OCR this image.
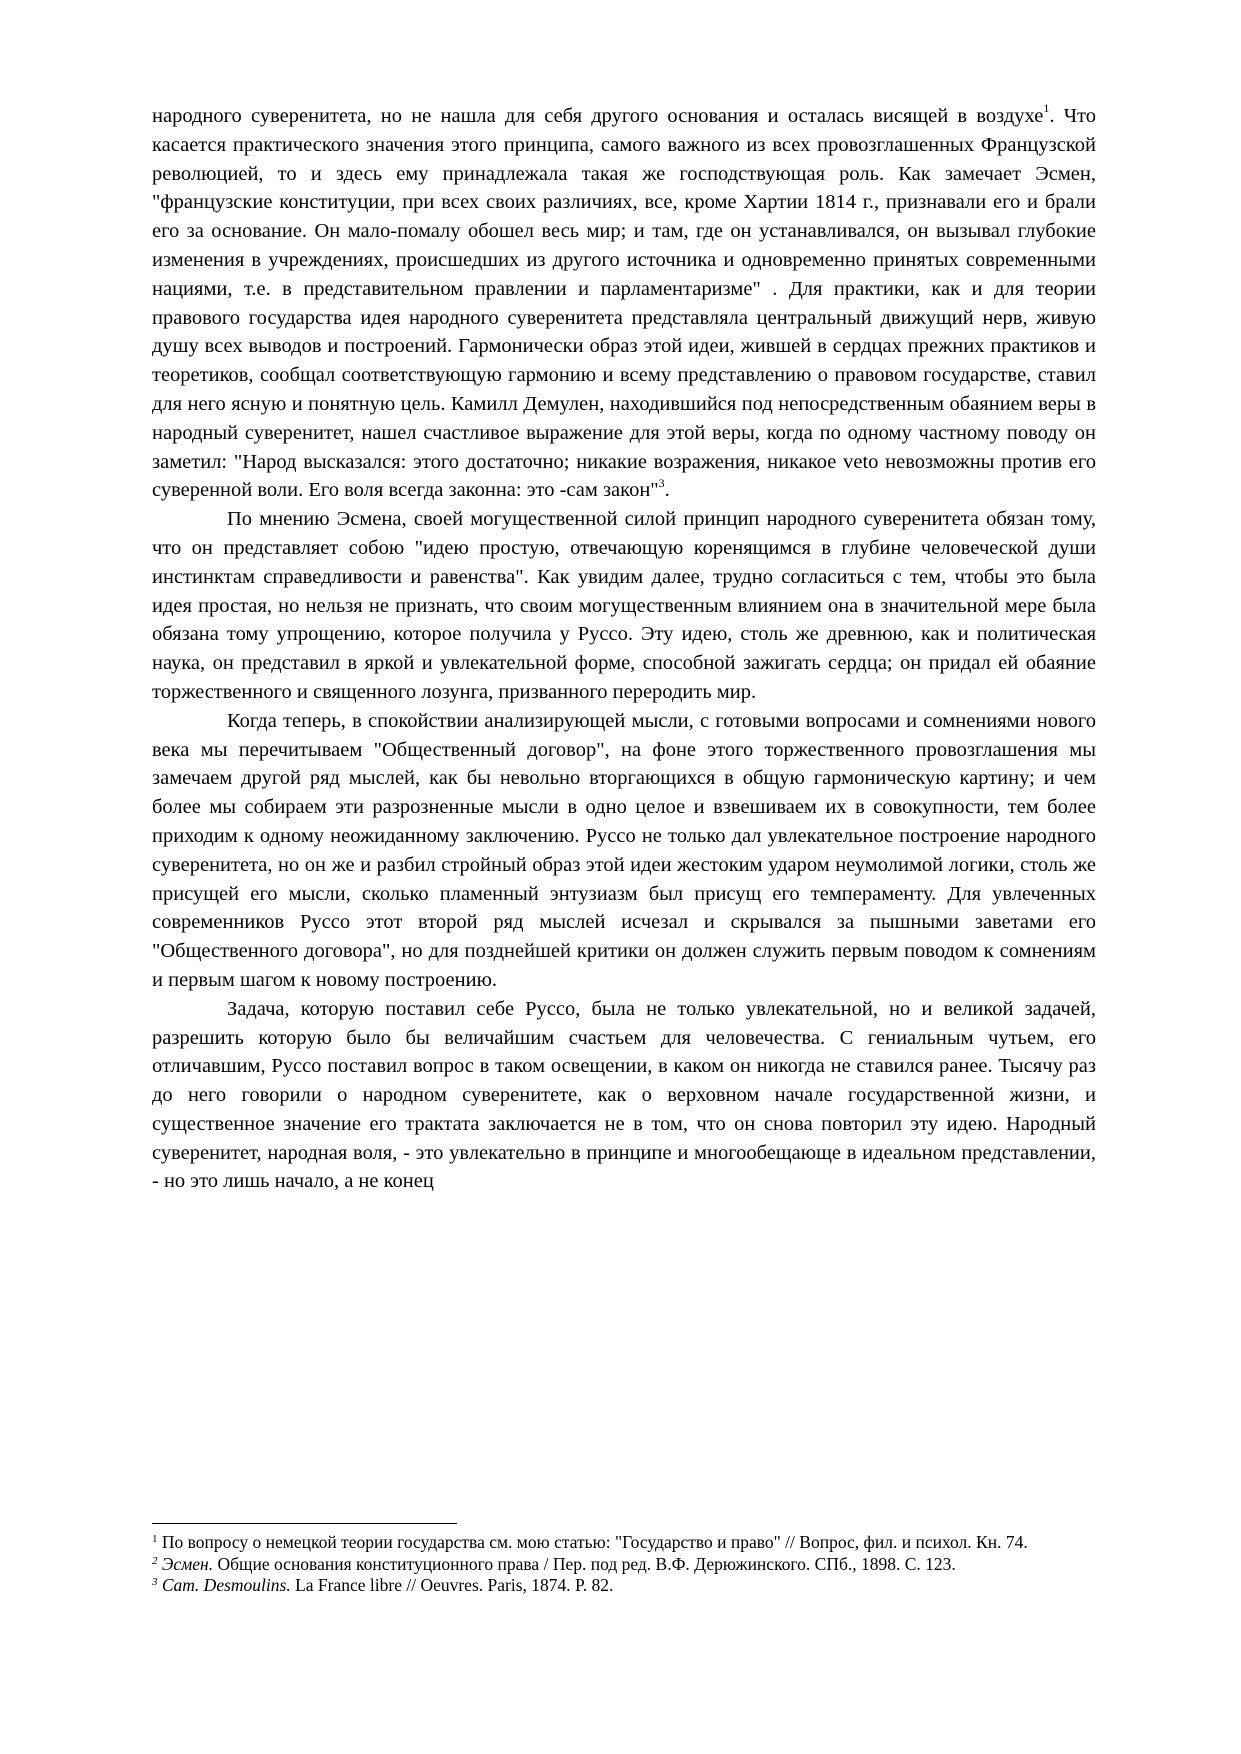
народного суверенитета, но не нашла для себя другого основания и осталась висящей в воздухе$^1$. Что касается практического значения этого принципа, самого важного из всех провозглашенных Французской революцией, то и здесь ему принадлежала такая же господствующая роль. Как замечает Эсмен, "французские конституции, при всех своих различиях, все, кроме Хартии 1814 г., признавали его и брали его за основание. Он мало-помалу обошел весь мир; и там, где он устанавливался, он вызывал глубокие изменения в учреждениях, происшедших из другого источника и одновременно принятых современными нациями, т.е. в представительном правлении и парламентаризме" . Для практики, как и для теории правового государства идея народного суверенитета представляла центральный движущий нерв, живую душу всех выводов и построений. Гармонически образ этой идеи, жившей в сердцах прежних практиков и теоретиков, сообщал соответствующую гармонию и всему представлению о правовом государстве, ставил для него ясную и понятную цель. Камилл Демулен, находившийся под непосредственным обаянием веры в народный суверенитет, нашел счастливое выражение для этой веры, когда по одному частному поводу он заметил: "Народ высказался: этого достаточно; никакие возражения, никакое veto невозможны против его суверенной воли. Его воля всегда законна: это -сам закон"$^3$.

По мнению Эсмена, своей могущественной силой принцип народного суверенитета обязан тому, что он представляет собою "идею простую, отвечающую коренящимся в глубине человеческой души инстинктам справедливости и равенства". Как увидим далее, трудно согласиться с тем, чтобы это была идея простая, но нельзя не признать, что своим могущественным влиянием она в значительной мере была обязана тому упрощению, которое получила у Руссо. Эту идею, столь же древнюю, как и политическая наука, он представил в яркой и увлекательной форме, способной зажигать сердца; он придал ей обаяние торжественного и священного лозунга, призванного переродить мир.

Когда теперь, в спокойствии анализирующей мысли, с готовыми вопросами и сомнениями нового века мы перечитываем "Общественный договор", на фоне этого торжественного провозглашения мы замечаем другой ряд мыслей, как бы невольно вторгающихся в общую гармоническую картину; и чем более мы собираем эти разрозненные мысли в одно целое и взвешиваем их в совокупности, тем более приходим к одному неожиданному заключению. Руссо не только дал увлекательное построение народного суверенитета, но он же и разбил стройный образ этой идеи жестоким ударом неумолимой логики, столь же присущей его мысли, сколько пламенный энтузиазм был присущ его темпераменту. Для увлеченных современников Руссо этот второй ряд мыслей исчезал и скрывался за пышными заветами его "Общественного договора", но для позднейшей критики он должен служить первым поводом к сомнениям и первым шагом к новому построению.

Задача, которую поставил себе Руссо, была не только увлекательной, но и великой задачей, разрешить которую было бы величайшим счастьем для человечества. С гениальным чутьем, его отличавшим, Руссо поставил вопрос в таком освещении, в каком он никогда не ставился ранее. Тысячу раз до него говорили о народном суверенитете, как о верховном начале государственной жизни, и существенное значение его трактата заключается не в том, что он снова повторил эту идею. Народный суверенитет, народная воля, - это увлекательно в принципе и многообещающе в идеальном представлении, - но это лишь начало, а не конец

$^1$ По вопросу о немецкой теории государства см. мою статью: "Государство и право" // Вопрос, фил. и психол. Кн. 74.

$^2$ Эсмен. Общие основания конституционного права / Пер. под ред. В.Ф. Дерюжинского. СПб., 1898. С. 123.

$^3$ Cam. Desmoulins. La France libre // Oeuvres. Paris, 1874. P. 82.
